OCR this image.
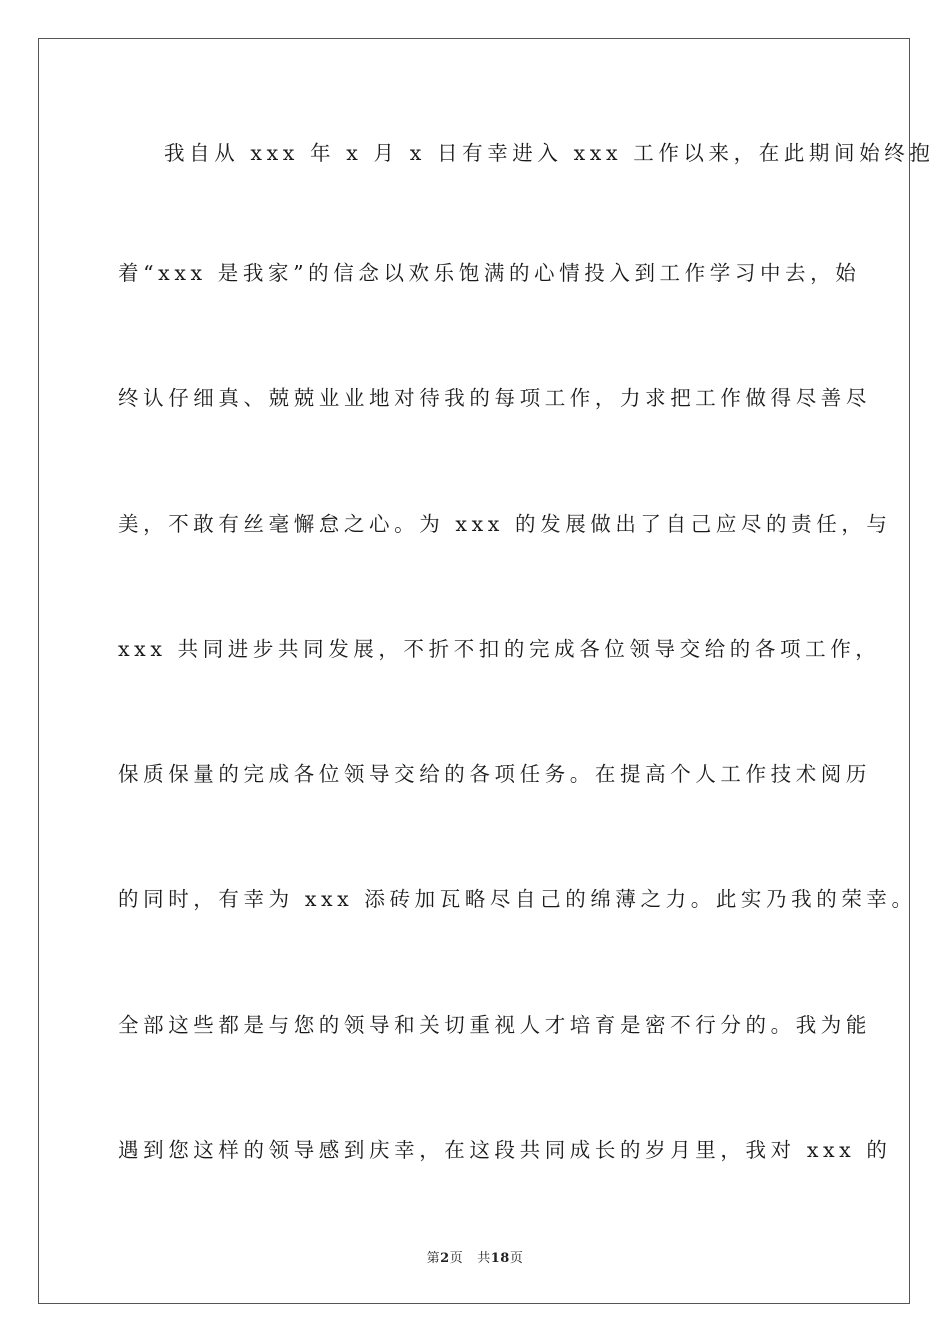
我自从 xxx 年 x 月 x 日有幸进入 xxx 工作以来，在此期间始终抱
着“xxx 是我家”的信念以欢乐饱满的心情投入到工作学习中去，始
终认仔细真、兢兢业业地对待我的每项工作，力求把工作做得尽善尽
美，不敢有丝毫懈怠之心。为 xxx 的发展做出了自己应尽的责任，与
xxx 共同进步共同发展，不折不扣的完成各位领导交给的各项工作，
保质保量的完成各位领导交给的各项任务。在提高个人工作技术阅历
的同时，有幸为 xxx 添砖加瓦略尽自己的绵薄之力。此实乃我的荣幸。
全部这些都是与您的领导和关切重视人才培育是密不行分的。我为能
遇到您这样的领导感到庆幸，在这段共同成长的岁月里，我对 xxx 的
第2页 共18页
